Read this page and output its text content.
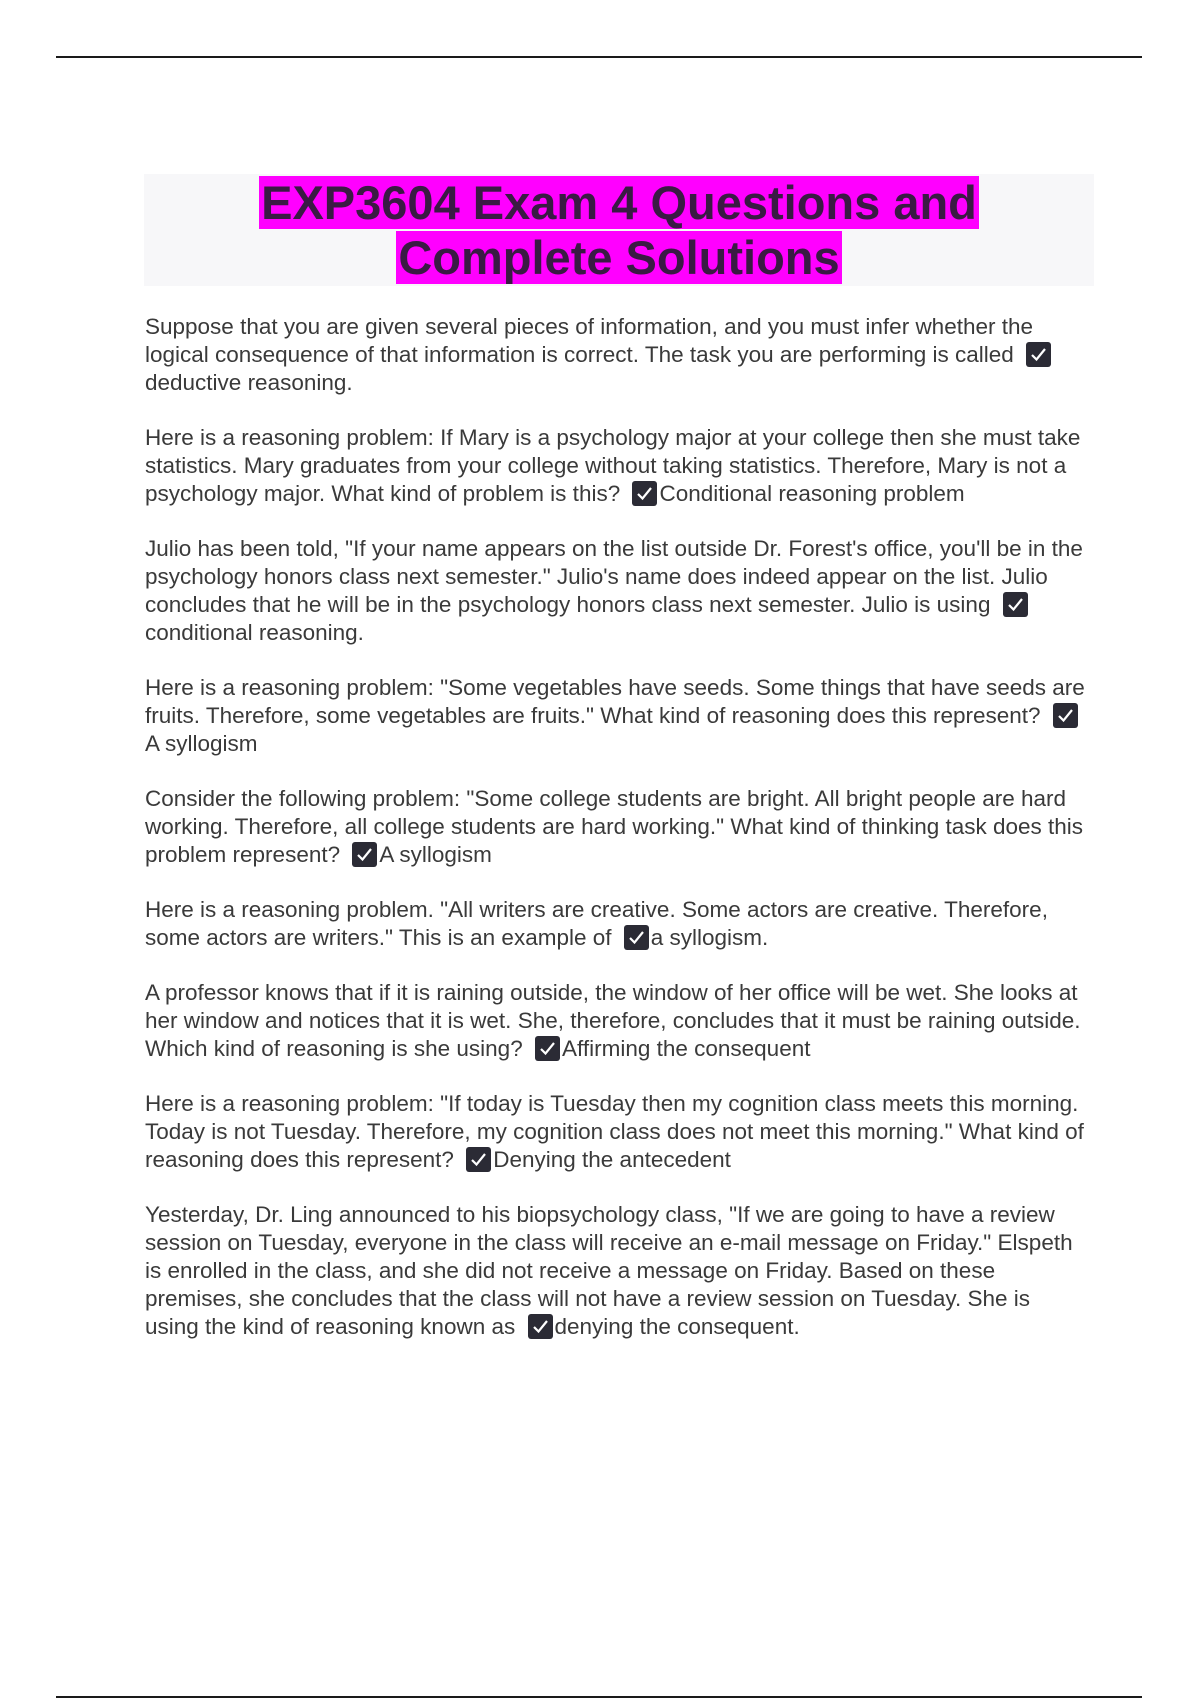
EXP3604 Exam 4 Questions and Complete Solutions

Suppose that you are given several pieces of information, and you must infer whether the logical consequence of that information is correct. The task you are performing is called
deductive reasoning.

Here is a reasoning problem: If Mary is a psychology major at your college then she must take statistics. Mary graduates from your college without taking statistics. Therefore, Mary is not a psychology major. What kind of problem is this? Conditional reasoning problem

Julio has been told, "If your name appears on the list outside Dr. Forest's office, you'll be in the psychology honors class next semester." Julio's name does indeed appear on the list. Julio concludes that he will be in the psychology honors class next semester. Julio is using
conditional reasoning.

Here is a reasoning problem: "Some vegetables have seeds. Some things that have seeds are fruits. Therefore, some vegetables are fruits." What kind of reasoning does this represent?
A syllogism

Consider the following problem: "Some college students are bright. All bright people are hard working. Therefore, all college students are hard working." What kind of thinking task does this problem represent? A syllogism

Here is a reasoning problem. "All writers are creative. Some actors are creative. Therefore, some actors are writers." This is an example of a syllogism.

A professor knows that if it is raining outside, the window of her office will be wet. She looks at her window and notices that it is wet. She, therefore, concludes that it must be raining outside. Which kind of reasoning is she using? Affirming the consequent

Here is a reasoning problem: "If today is Tuesday then my cognition class meets this morning. Today is not Tuesday. Therefore, my cognition class does not meet this morning." What kind of reasoning does this represent? Denying the antecedent

Yesterday, Dr. Ling announced to his biopsychology class, "If we are going to have a review session on Tuesday, everyone in the class will receive an e-mail message on Friday." Elspeth is enrolled in the class, and she did not receive a message on Friday. Based on these premises, she concludes that the class will not have a review session on Tuesday. She is using the kind of reasoning known as denying the consequent.
